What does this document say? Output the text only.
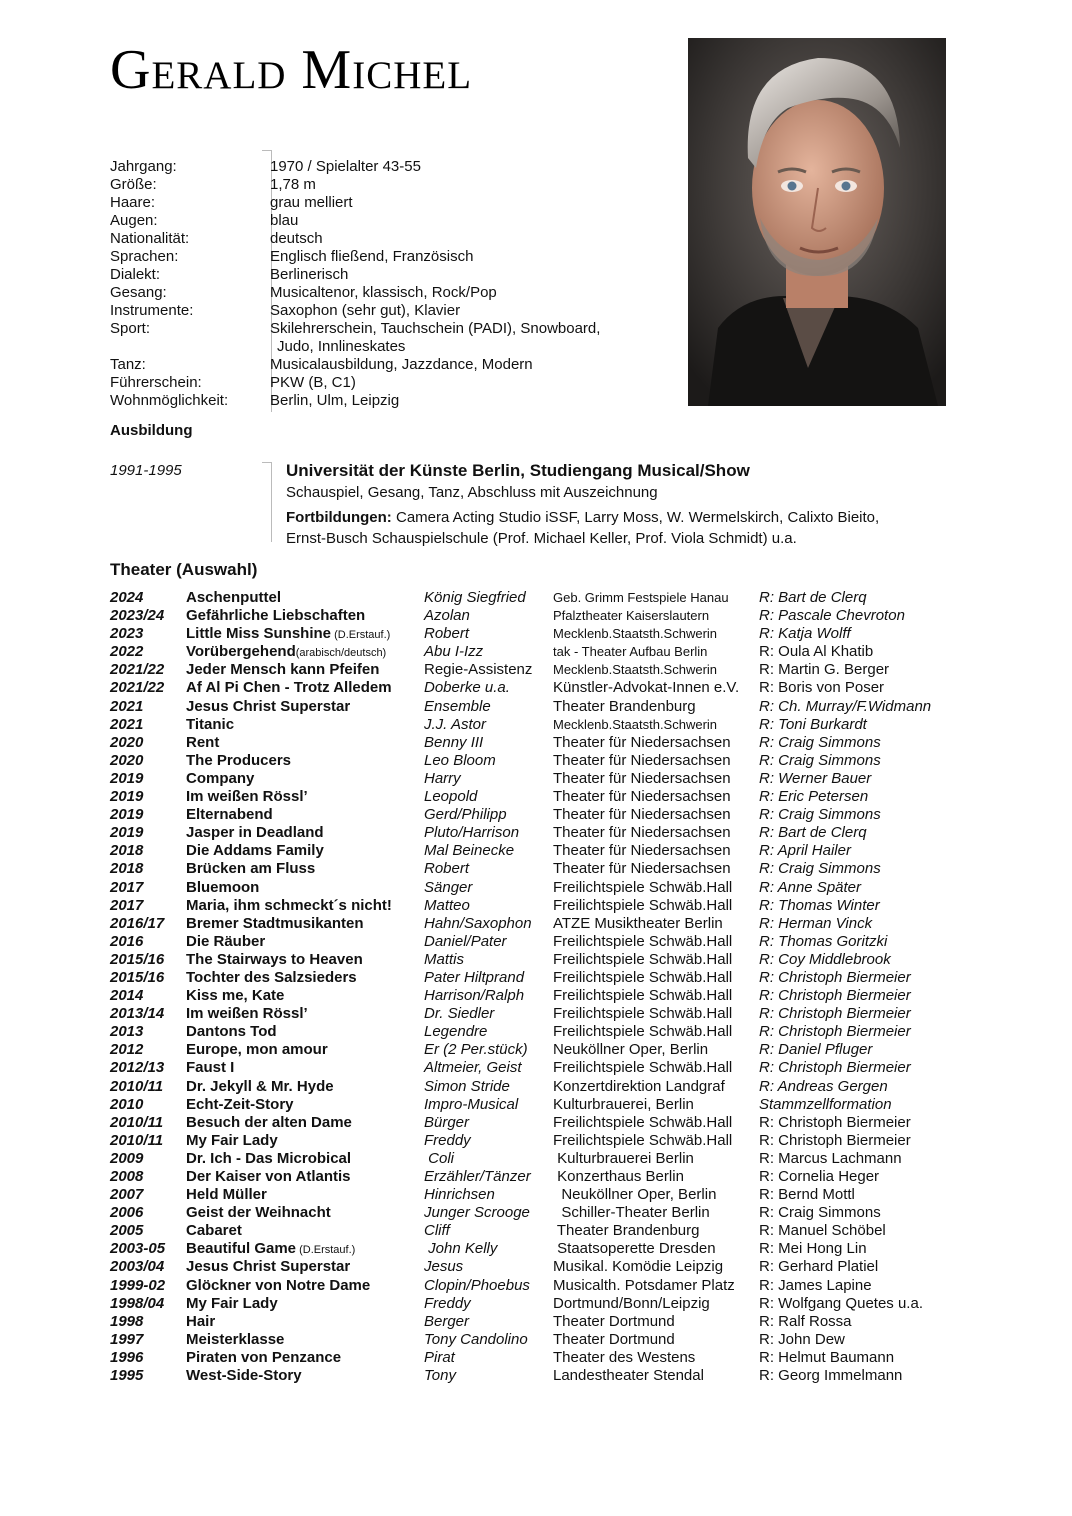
Gerald Michel
Jahrgang:	1970 / Spielalter 43-55
Größe:	1,78 m
Haare:	grau melliert
Augen:	blau
Nationalität:	deutsch
Sprachen:	Englisch fließend, Französisch
Dialekt:	Berlinerisch
Gesang:	Musicaltenor, klassisch, Rock/Pop
Instrumente:	Saxophon (sehr gut), Klavier
Sport:	Skilehrerschein, Tauchschein (PADI), Snowboard,
Judo, Innlineskates
Tanz:	Musicalausbildung, Jazzdance, Modern
Führerschein:	PKW (B, C1)
Wohnmöglichkeit:	Berlin, Ulm, Leipzig
Ausbildung
1991-1995	Universität der Künste Berlin, Studiengang Musical/Show
Schauspiel, Gesang, Tanz, Abschluss mit Auszeichnung
Fortbildungen: Camera Acting Studio iSSF, Larry Moss, W. Wermelskirch, Calixto Bieito,
Ernst-Busch Schauspielschule (Prof. Michael Keller, Prof. Viola Schmidt) u.a.
Theater (Auswahl)
2024	Aschenputtel	König Siegfried	Geb. Grimm Festspiele Hanau	R: Bart de Clerq
2023/24	Gefährliche Liebschaften	Azolan	Pfalztheater Kaiserslautern	R: Pascale Chevroton
2023	Little Miss Sunshine (D.Erstauf.)	Robert	Mecklenb.Staatsth.Schwerin	R: Katja Wolff
2022	Vorübergehend(arabisch/deutsch)	Abu I-Izz	tak - Theater Aufbau Berlin	R: Oula Al Khatib
2021/22	Jeder Mensch kann Pfeifen	Regie-Assistenz	Mecklenb.Staatsth.Schwerin	R: Martin G. Berger
2021/22	Af Al Pi Chen - Trotz Alledem	Doberke u.a.	Künstler-Advokat-Innen e.V.	R: Boris von Poser
2021	Jesus Christ Superstar	Ensemble	Theater Brandenburg	R: Ch. Murray/F.Widmann
2021	Titanic	J.J. Astor	Mecklenb.Staatsth.Schwerin	R: Toni Burkardt
2020	Rent	Benny III	Theater für Niedersachsen	R: Craig Simmons
2020	The Producers	Leo Bloom	Theater für Niedersachsen	R: Craig Simmons
2019	Company	Harry	Theater für Niedersachsen	R: Werner Bauer
2019	Im weißen Rössl’	Leopold	Theater für Niedersachsen	R: Eric Petersen
2019	Elternabend	Gerd/Philipp	Theater für Niedersachsen	R: Craig Simmons
2019	Jasper in Deadland	Pluto/Harrison	Theater für Niedersachsen	R: Bart de Clerq
2018	Die Addams Family	Mal Beinecke	Theater für Niedersachsen	R: April Hailer
2018	Brücken am Fluss	Robert	Theater für Niedersachsen	R: Craig Simmons
2017	Bluemoon	Sänger	Freilichtspiele Schwäb.Hall	R: Anne Später
2017	Maria, ihm schmeckt´s nicht!	Matteo	Freilichtspiele Schwäb.Hall	R: Thomas Winter
2016/17	Bremer Stadtmusikanten	Hahn/Saxophon	ATZE Musiktheater Berlin	R: Herman Vinck
2016	Die Räuber	Daniel/Pater	Freilichtspiele Schwäb.Hall	R: Thomas Goritzki
2015/16	The Stairways to Heaven	Mattis	Freilichtspiele Schwäb.Hall	R: Coy Middlebrook
2015/16	Tochter des Salzsieders	Pater Hiltprand	Freilichtspiele Schwäb.Hall	R: Christoph Biermeier
2014	Kiss me, Kate	Harrison/Ralph	Freilichtspiele Schwäb.Hall	R: Christoph Biermeier
2013/14	Im weißen Rössl’	Dr. Siedler	Freilichtspiele Schwäb.Hall	R: Christoph Biermeier
2013	Dantons Tod	Legendre	Freilichtspiele Schwäb.Hall	R: Christoph Biermeier
2012	Europe, mon amour	Er (2 Per.stück)	Neuköllner Oper, Berlin	R: Daniel Pfluger
2012/13	Faust I	Altmeier, Geist	Freilichtspiele Schwäb.Hall	R: Christoph Biermeier
2010/11	Dr. Jekyll & Mr. Hyde	Simon Stride	Konzertdirektion Landgraf	R: Andreas Gergen
2010	Echt-Zeit-Story	Impro-Musical	Kulturbrauerei, Berlin	Stammzellformation
2010/11	Besuch der alten Dame	Bürger	Freilichtspiele Schwäb.Hall	R: Christoph Biermeier
2010/11	My Fair Lady	Freddy	Freilichtspiele Schwäb.Hall	R: Christoph Biermeier
2009	Dr. Ich - Das Microbical	Coli	Kulturbrauerei Berlin	R: Marcus Lachmann
2008	Der Kaiser von Atlantis	Erzähler/Tänzer	Konzerthaus Berlin	R: Cornelia Heger
2007	Held Müller	Hinrichsen	Neuköllner Oper, Berlin	R: Bernd Mottl
2006	Geist der Weihnacht	Junger Scrooge	Schiller-Theater Berlin	R: Craig Simmons
2005	Cabaret	Cliff	Theater Brandenburg	R: Manuel Schöbel
2003-05	Beautiful Game (D.Erstauf.)	John Kelly	Staatsoperette Dresden	R: Mei Hong Lin
2003/04	Jesus Christ Superstar	Jesus	Musikal. Komödie Leipzig	R: Gerhard Platiel
1999-02	Glöckner von Notre Dame	Clopin/Phoebus	Musicalth. Potsdamer Platz	R: James Lapine
1998/04	My Fair Lady	Freddy	Dortmund/Bonn/Leipzig	R: Wolfgang Quetes u.a.
1998	Hair	Berger	Theater Dortmund	R: Ralf Rossa
1997	Meisterklasse	Tony Candolino	Theater Dortmund	R: John Dew
1996	Piraten von Penzance	Pirat	Theater des Westens	R: Helmut Baumann
1995	West-Side-Story	Tony	Landestheater Stendal	R: Georg Immelmann
